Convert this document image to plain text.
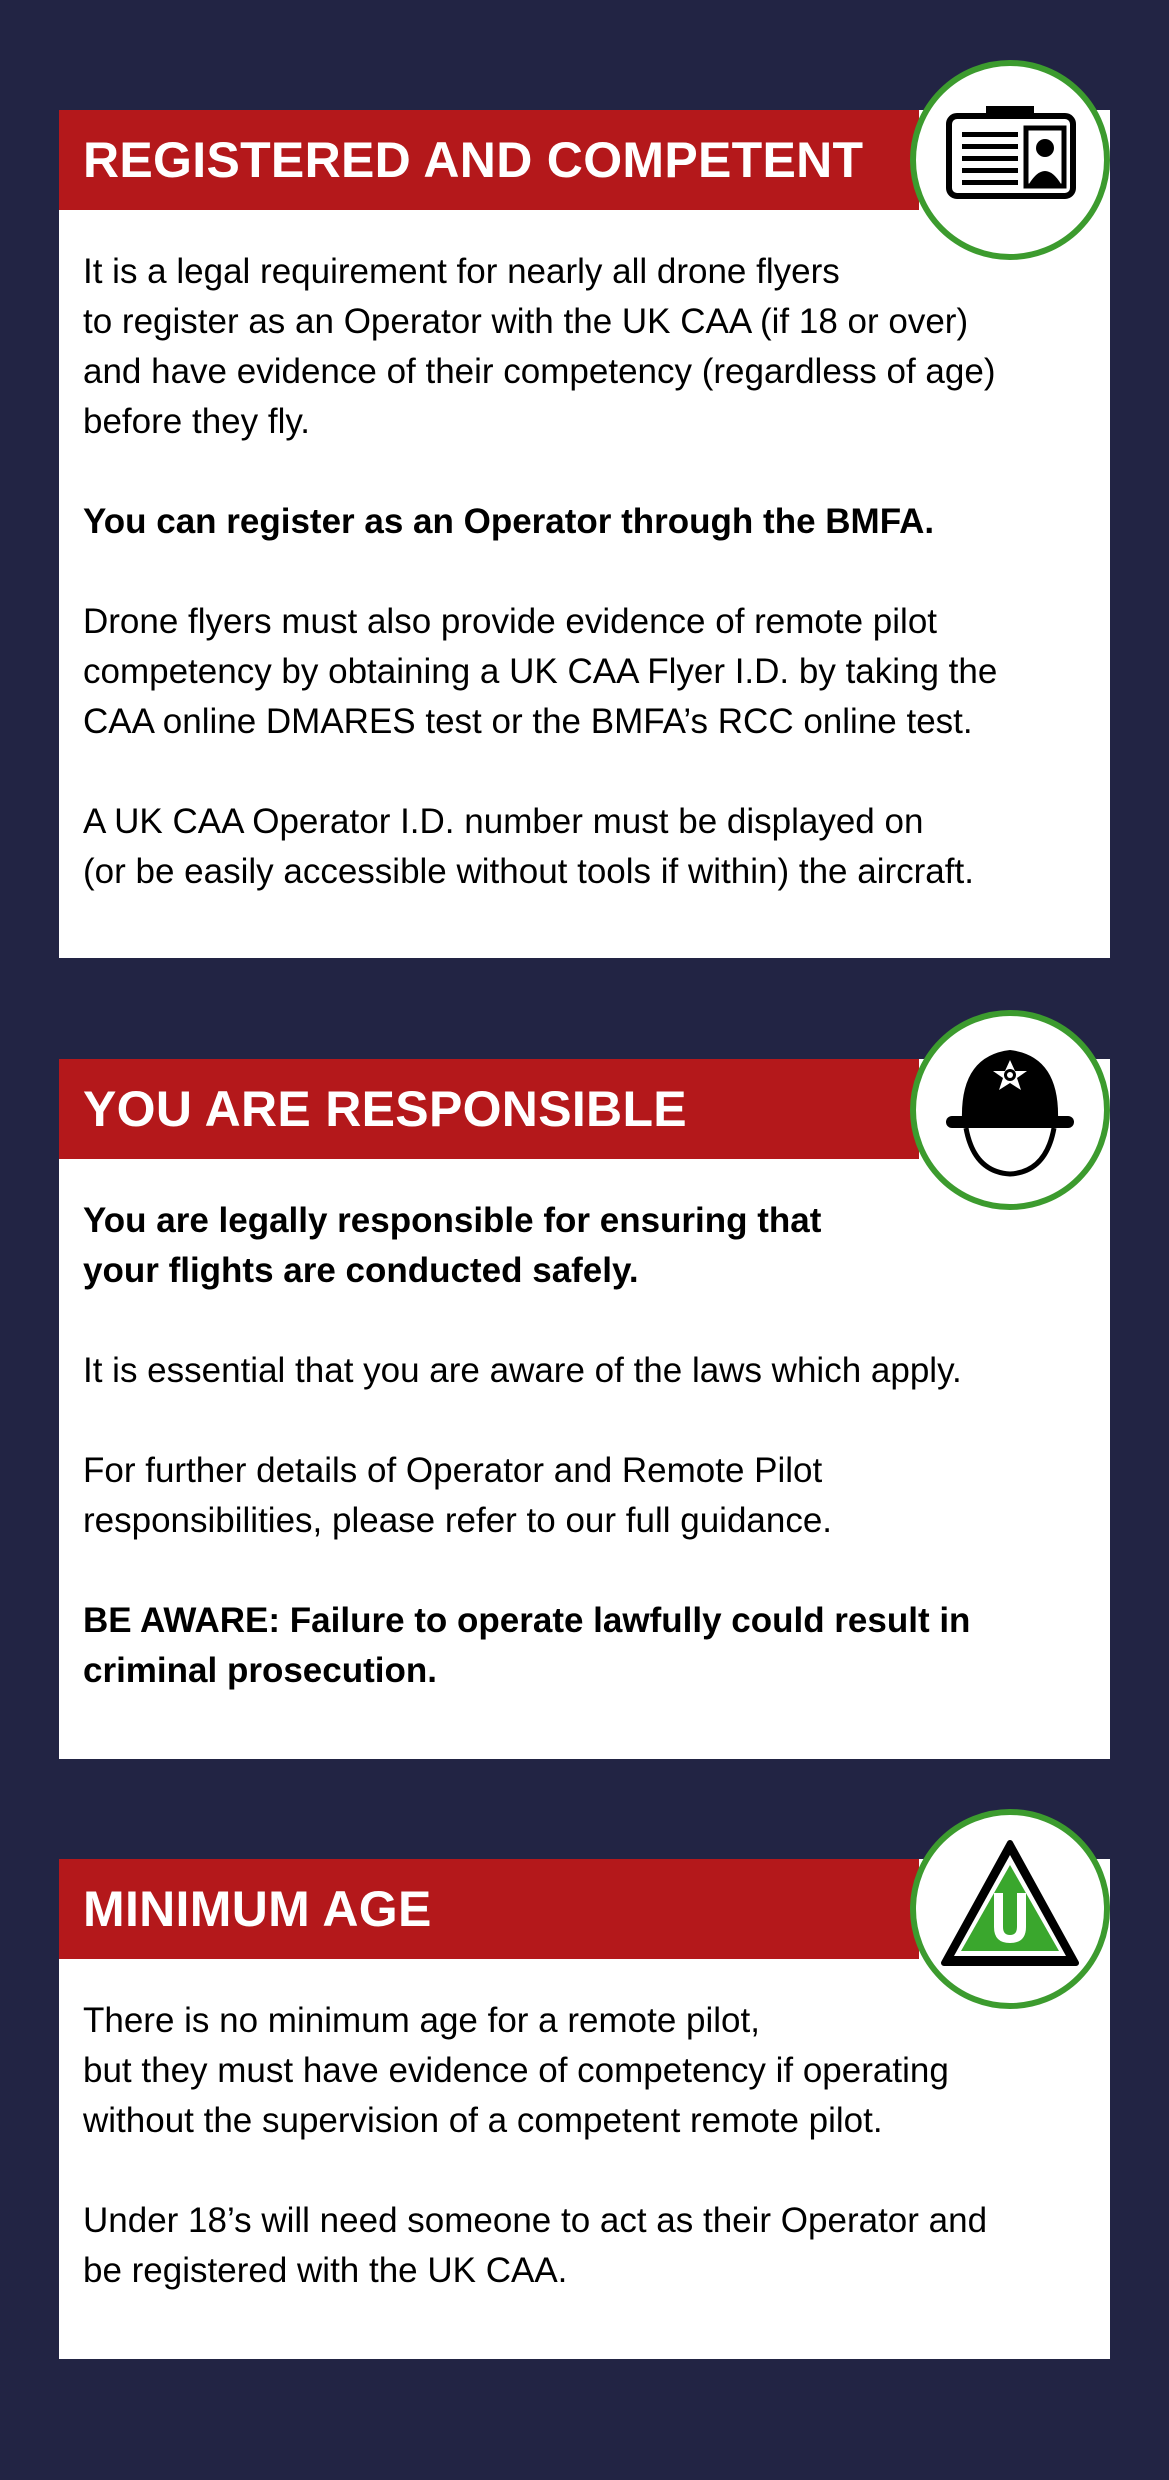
REGISTERED AND COMPETENT

It is a legal requirement for nearly all drone flyers
to register as an Operator with the UK CAA (if 18 or over)
and have evidence of their competency (regardless of age)
before they fly.

You can register as an Operator through the BMFA.

Drone flyers must also provide evidence of remote pilot
competency by obtaining a UK CAA Flyer I.D. by taking the
CAA online DMARES test or the BMFA’s RCC online test.

A UK CAA Operator I.D. number must be displayed on
(or be easily accessible without tools if within) the aircraft.

YOU ARE RESPONSIBLE

You are legally responsible for ensuring that
your flights are conducted safely.

It is essential that you are aware of the laws which apply.

For further details of Operator and Remote Pilot
responsibilities, please refer to our full guidance.

BE AWARE: Failure to operate lawfully could result in
criminal prosecution.

MINIMUM AGE

There is no minimum age for a remote pilot,
but they must have evidence of competency if operating
without the supervision of a competent remote pilot.

Under 18’s will need someone to act as their Operator and
be registered with the UK CAA.
